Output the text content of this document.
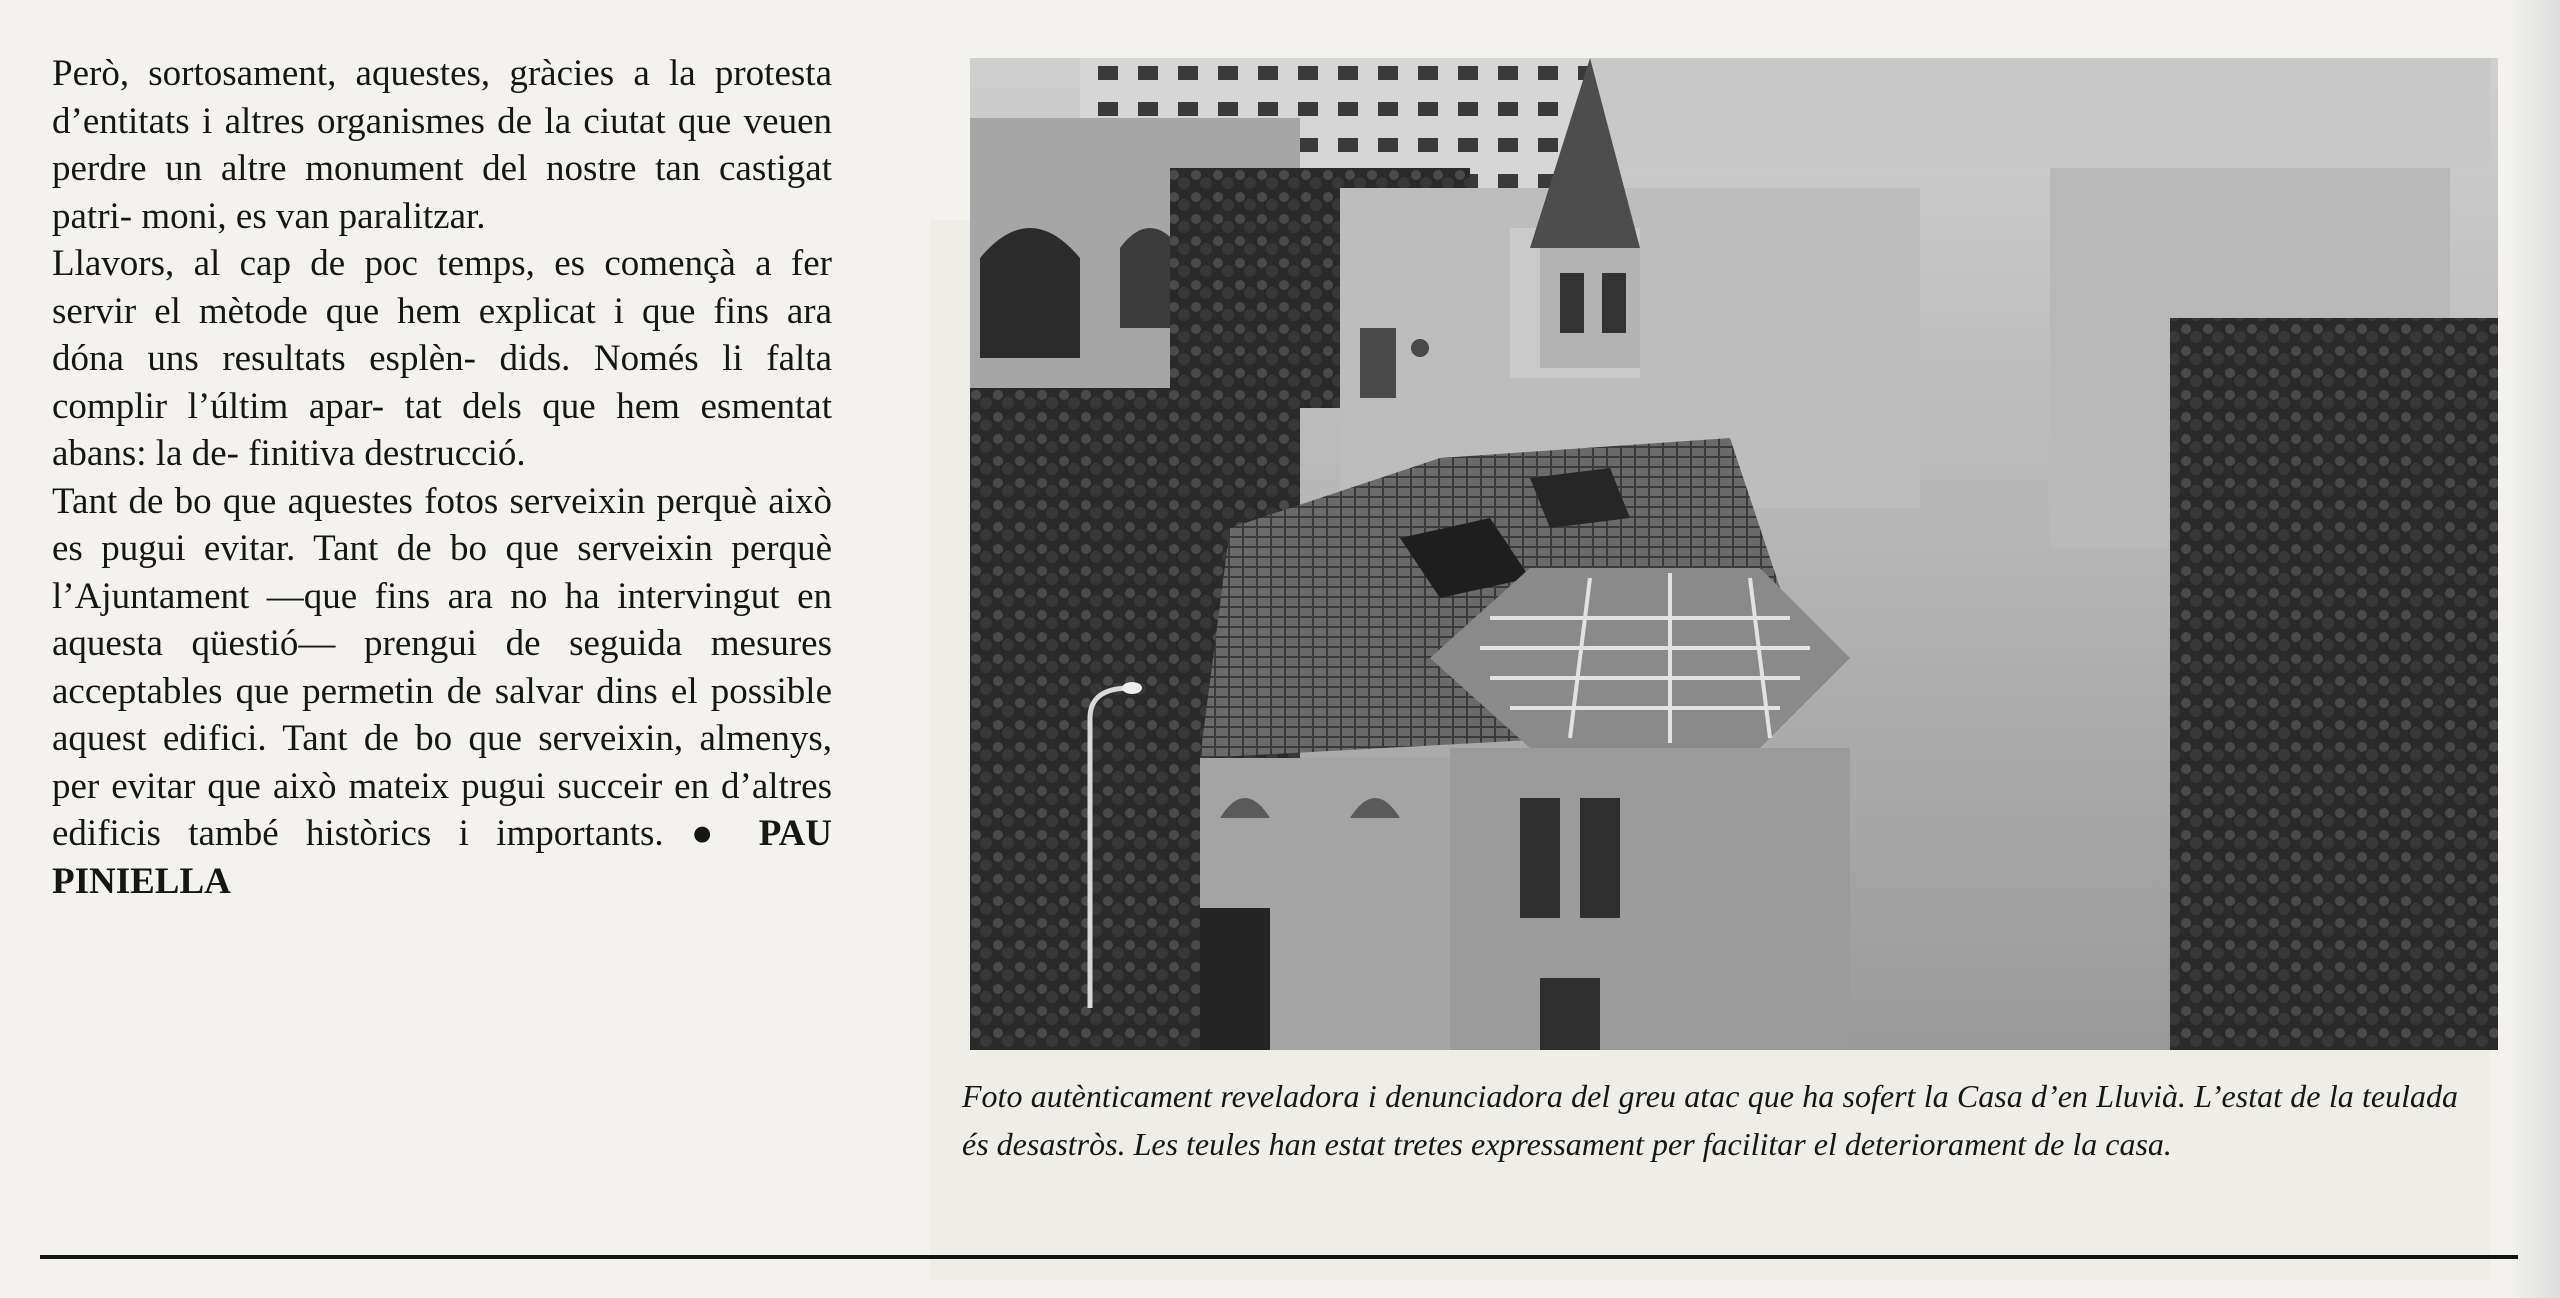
Però, sortosament, aquestes, gràcies a la protesta d’entitats i altres organismes de la ciutat que veuen perdre un altre monument del nostre tan castigat patri- moni, es van paralitzar.

Llavors, al cap de poc temps, es començà a fer servir el mètode que hem explicat i que fins ara dóna uns resultats esplèn- dids. Només li falta complir l’últim apar- tat dels que hem esmentat abans: la de- finitiva destrucció.

Tant de bo que aquestes fotos serveixin perquè això es pugui evitar. Tant de bo que serveixin perquè l’Ajuntament —que fins ara no ha intervingut en aquesta qüestió— prengui de seguida mesures acceptables que permetin de salvar dins el possible aquest edifici. Tant de bo que serveixin, almenys, per evitar que això mateix pugui succeir en d’altres edificis també històrics i importants. ● PAU PINIELLA

Foto autènticament reveladora i denunciadora del greu atac que ha sofert la Casa d’en Lluvià. L’estat de la teulada és desastròs. Les teules han estat tretes expressament per facilitar el deteriorament de la casa.
